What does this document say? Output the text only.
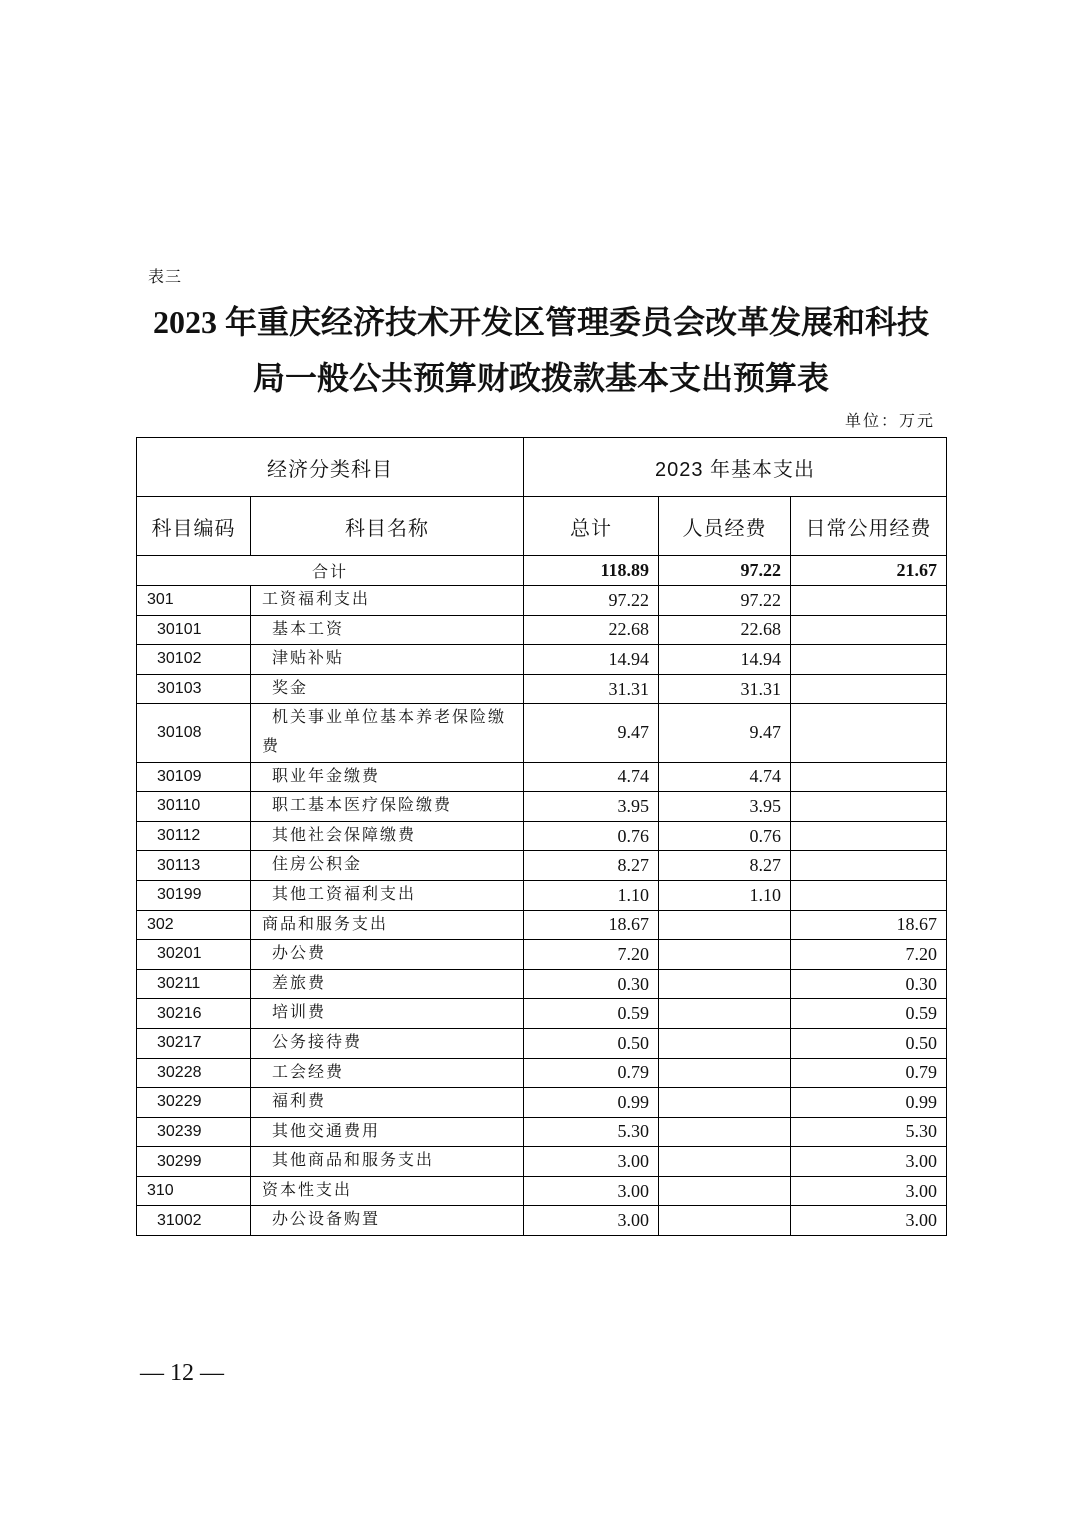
表三
2023 年重庆经济技术开发区管理委员会改革发展和科技
局一般公共预算财政拨款基本支出预算表
单位：万元
经济分类科目		2023 年基本支出		
科目编码	科目名称	总计	人员经费	日常公用经费
合计		118.89	97.22	21.67
301	工资福利支出	97.22	97.22	
30101	基本工资	22.68	22.68	
30102	津贴补贴	14.94	14.94	
30103	奖金	31.31	31.31	
30108	机关事业单位基本养老保险缴费	9.47	9.47	
30109	职业年金缴费	4.74	4.74	
30110	职工基本医疗保险缴费	3.95	3.95	
30112	其他社会保障缴费	0.76	0.76	
30113	住房公积金	8.27	8.27	
30199	其他工资福利支出	1.10	1.10	
302	商品和服务支出	18.67		18.67
30201	办公费	7.20		7.20
30211	差旅费	0.30		0.30
30216	培训费	0.59		0.59
30217	公务接待费	0.50		0.50
30228	工会经费	0.79		0.79
30229	福利费	0.99		0.99
30239	其他交通费用	5.30		5.30
30299	其他商品和服务支出	3.00		3.00
310	资本性支出	3.00		3.00
31002	办公设备购置	3.00		3.00
— 12 —
